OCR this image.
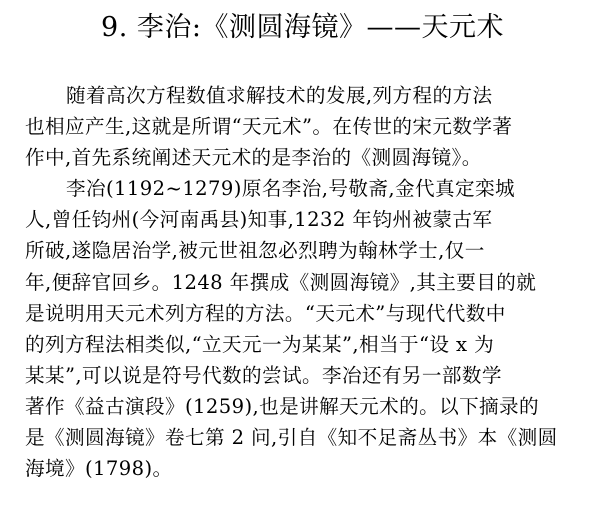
9. 李治:《测圆海镜》——天元术
随着高次方程数值求解技术的发展,列方程的方法
也相应产生,这就是所谓“天元术”。在传世的宋元数学著
作中,首先系统阐述天元术的是李治的《测圆海镜》。
李冶(1192~1279)原名李治,号敬斋,金代真定栾城
人,曾任钧州(今河南禹县)知事,1232 年钧州被蒙古军
所破,遂隐居治学,被元世祖忽必烈聘为翰林学士,仅一
年,便辞官回乡。1248 年撰成《测圆海镜》,其主要目的就
是说明用天元术列方程的方法。“天元术”与现代代数中
的列方程法相类似,“立天元一为某某”,相当于“设 x 为
某某”,可以说是符号代数的尝试。李冶还有另一部数学
著作《益古演段》(1259),也是讲解天元术的。以下摘录的
是《测圆海镜》卷七第 2 问,引自《知不足斋丛书》本《测圆
海境》(1798)。
